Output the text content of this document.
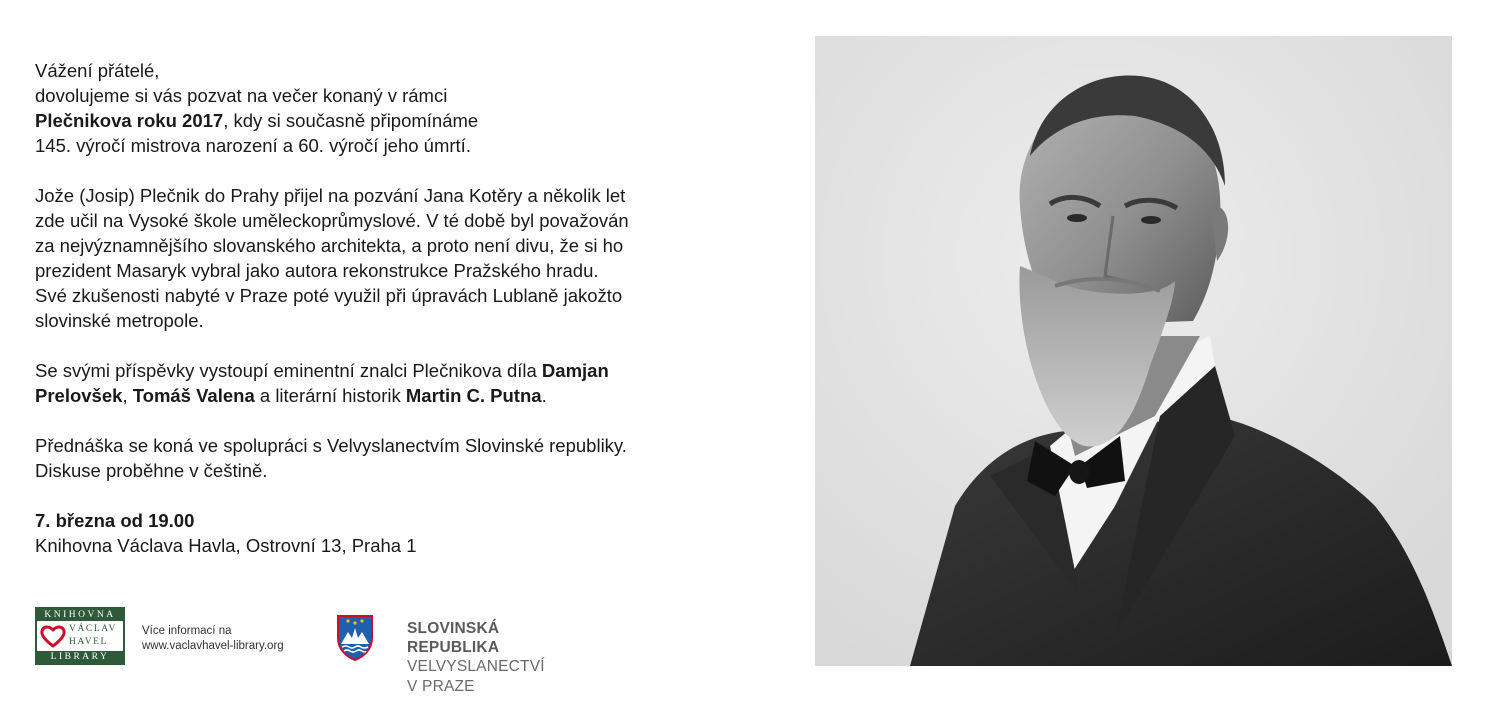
Vážení přátelé,
dovolujeme si vás pozvat na večer konaný v rámci
Plečnikova roku 2017, kdy si současně připomínáme
145. výročí mistrova narození a 60. výročí jeho úmrtí.

Jože (Josip) Plečnik do Prahy přijel na pozvání Jana Kotěry a několik let
zde učil na Vysoké škole uměleckoprůmyslové. V té době byl považován
za nejvýznamnějšího slovanského architekta, a proto není divu, že si ho
prezident Masaryk vybral jako autora rekonstrukce Pražského hradu.
Své zkušenosti nabyté v Praze poté využil při úpravách Lublaně jakožto
slovinské metropole.

Se svými příspěvky vystoupí eminentní znalci Plečnikova díla Damjan
Prelovšek, Tomáš Valena a literární historik Martin C. Putna.

Přednáška se koná ve spolupráci s Velvyslanectvím Slovinské republiky.
Diskuse proběhne v češtině.

7. března od 19.00
Knihovna Václava Havla, Ostrovní 13, Praha 1

KNIHOVNA
VÁCLAV
HAVEL
LIBRARY
Více informací na
www.vaclavhavel-library.org
SLOVINSKÁ REPUBLIKA
VELVYSLANECTVÍ V PRAZE
